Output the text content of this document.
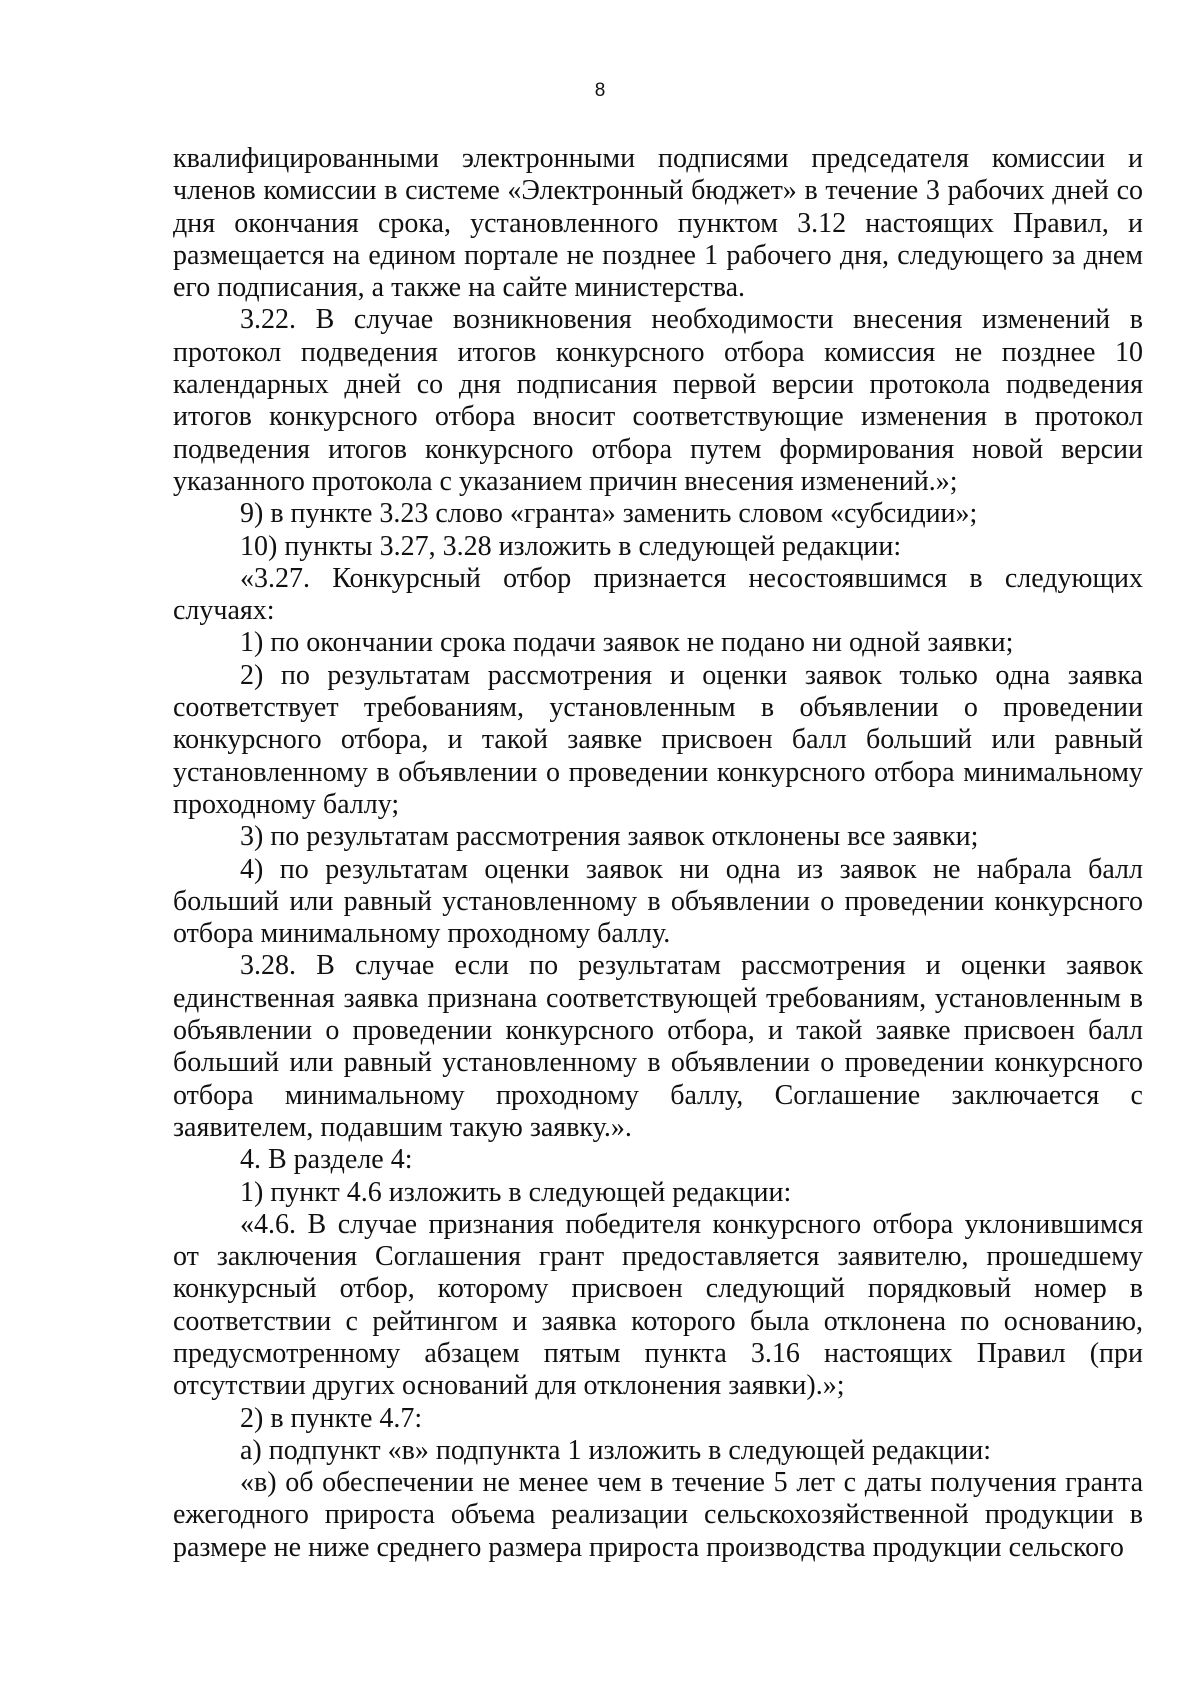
8

квалифицированными электронными подписями председателя комиссии и членов комиссии в системе «Электронный бюджет» в течение 3 рабочих дней со дня окончания срока, установленного пунктом 3.12 настоящих Правил, и размещается на едином портале не позднее 1 рабочего дня, следующего за днем его подписания, а также на сайте министерства.

3.22. В случае возникновения необходимости внесения изменений в протокол подведения итогов конкурсного отбора комиссия не позднее 10 календарных дней со дня подписания первой версии протокола подведения итогов конкурсного отбора вносит соответствующие изменения в протокол подведения итогов конкурсного отбора путем формирования новой версии указанного протокола с указанием причин внесения изменений.»;

9) в пункте 3.23 слово «гранта» заменить словом «субсидии»;

10) пункты 3.27, 3.28 изложить в следующей редакции:

«3.27. Конкурсный отбор признается несостоявшимся в следующих случаях:

1) по окончании срока подачи заявок не подано ни одной заявки;

2) по результатам рассмотрения и оценки заявок только одна заявка соответствует требованиям, установленным в объявлении о проведении конкурсного отбора, и такой заявке присвоен балл больший или равный установленному в объявлении о проведении конкурсного отбора минимальному проходному баллу;

3) по результатам рассмотрения заявок отклонены все заявки;

4) по результатам оценки заявок ни одна из заявок не набрала балл больший или равный установленному в объявлении о проведении конкурсного отбора минимальному проходному баллу.

3.28. В случае если по результатам рассмотрения и оценки заявок единственная заявка признана соответствующей требованиям, установленным в объявлении о проведении конкурсного отбора, и такой заявке присвоен балл больший или равный установленному в объявлении о проведении конкурсного отбора минимальному проходному баллу, Соглашение заключается с заявителем, подавшим такую заявку.».

4. В разделе 4:

1) пункт 4.6 изложить в следующей редакции:

«4.6. В случае признания победителя конкурсного отбора уклонившимся от заключения Соглашения грант предоставляется заявителю, прошедшему конкурсный отбор, которому присвоен следующий порядковый номер в соответствии с рейтингом и заявка которого была отклонена по основанию, предусмотренному абзацем пятым пункта 3.16 настоящих Правил (при отсутствии других оснований для отклонения заявки).»;

2) в пункте 4.7:

а) подпункт «в» подпункта 1 изложить в следующей редакции:

«в) об обеспечении не менее чем в течение 5 лет с даты получения гранта ежегодного прироста объема реализации сельскохозяйственной продукции в размере не ниже среднего размера прироста производства продукции сельского
